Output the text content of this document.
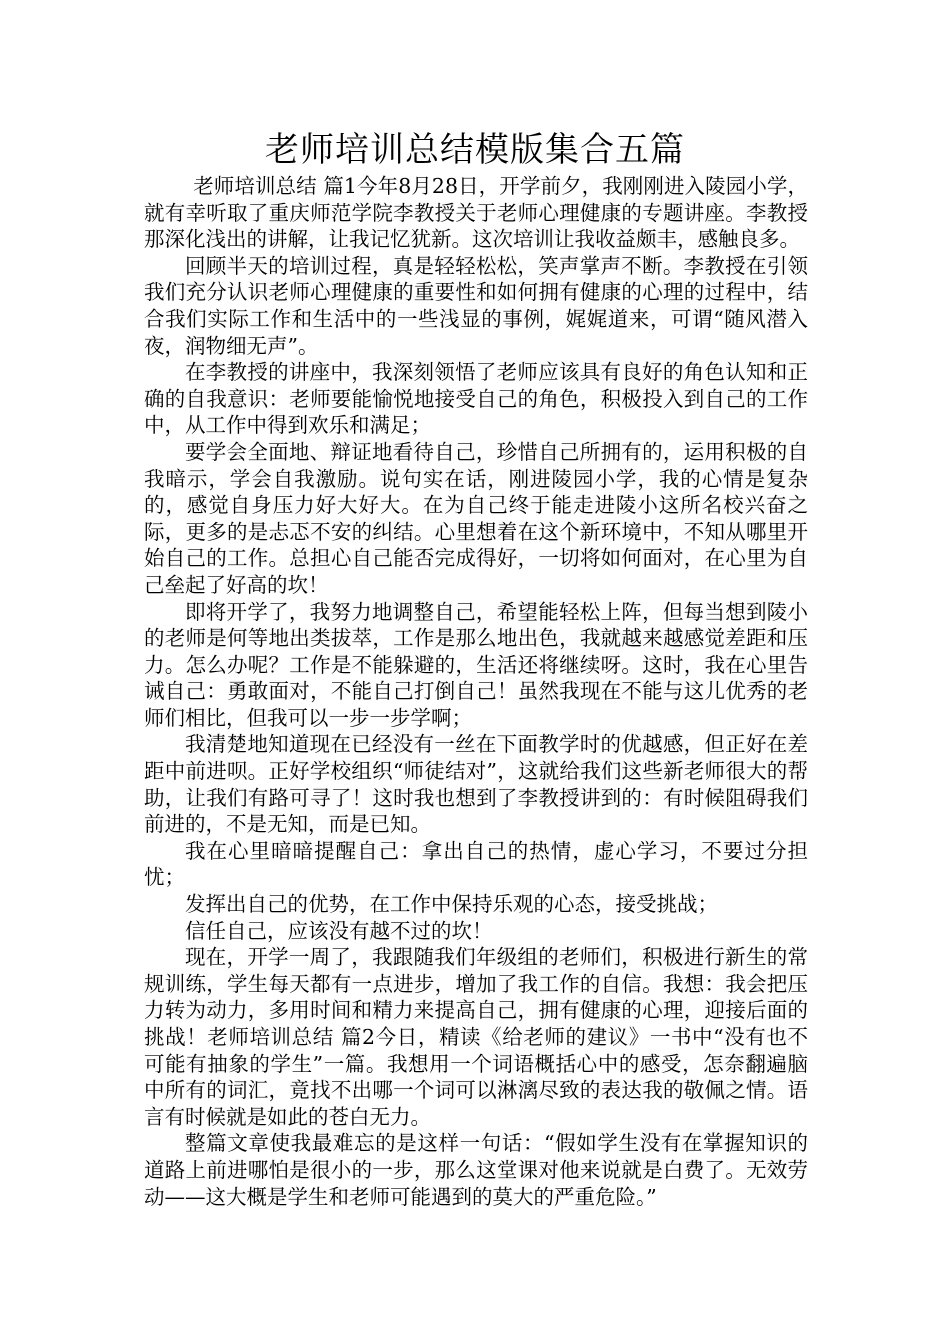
老师培训总结模版集合五篇

老师培训总结 篇1今年8月28日，开学前夕，我刚刚进入陵园小学，就有幸听取了重庆师范学院李教授关于老师心理健康的专题讲座。李教授那深化浅出的讲解，让我记忆犹新。这次培训让我收益颇丰，感触良多。

回顾半天的培训过程，真是轻轻松松，笑声掌声不断。李教授在引领我们充分认识老师心理健康的重要性和如何拥有健康的心理的过程中，结合我们实际工作和生活中的一些浅显的事例，娓娓道来，可谓“随风潜入夜，润物细无声”。

在李教授的讲座中，我深刻领悟了老师应该具有良好的角色认知和正确的自我意识：老师要能愉悦地接受自己的角色，积极投入到自己的工作中，从工作中得到欢乐和满足；

要学会全面地、辩证地看待自己，珍惜自己所拥有的，运用积极的自我暗示，学会自我激励。说句实在话，刚进陵园小学，我的心情是复杂的，感觉自身压力好大好大。在为自己终于能走进陵小这所名校兴奋之际，更多的是忐忑不安的纠结。心里想着在这个新环境中，不知从哪里开始自己的工作。总担心自己能否完成得好，一切将如何面对，在心里为自己垒起了好高的坎！

即将开学了，我努力地调整自己，希望能轻松上阵，但每当想到陵小的老师是何等地出类拔萃，工作是那么地出色，我就越来越感觉差距和压力。怎么办呢？工作是不能躲避的，生活还将继续呀。这时，我在心里告诫自己：勇敢面对，不能自己打倒自己！虽然我现在不能与这儿优秀的老师们相比，但我可以一步一步学啊；

我清楚地知道现在已经没有一丝在下面教学时的优越感，但正好在差距中前进呗。正好学校组织“师徒结对”，这就给我们这些新老师很大的帮助，让我们有路可寻了！这时我也想到了李教授讲到的：有时候阻碍我们前进的，不是无知，而是已知。

我在心里暗暗提醒自己：拿出自己的热情，虚心学习，不要过分担忧；

发挥出自己的优势，在工作中保持乐观的心态，接受挑战；

信任自己，应该没有越不过的坎！

现在，开学一周了，我跟随我们年级组的老师们，积极进行新生的常规训练，学生每天都有一点进步，增加了我工作的自信。我想：我会把压力转为动力，多用时间和精力来提高自己，拥有健康的心理，迎接后面的挑战！老师培训总结 篇2今日，精读《给老师的建议》一书中“没有也不可能有抽象的学生”一篇。我想用一个词语概括心中的感受，怎奈翻遍脑中所有的词汇，竟找不出哪一个词可以淋漓尽致的表达我的敬佩之情。语言有时候就是如此的苍白无力。

整篇文章使我最难忘的是这样一句话：“假如学生没有在掌握知识的道路上前进哪怕是很小的一步，那么这堂课对他来说就是白费了。无效劳动——这大概是学生和老师可能遇到的莫大的严重危险。”
